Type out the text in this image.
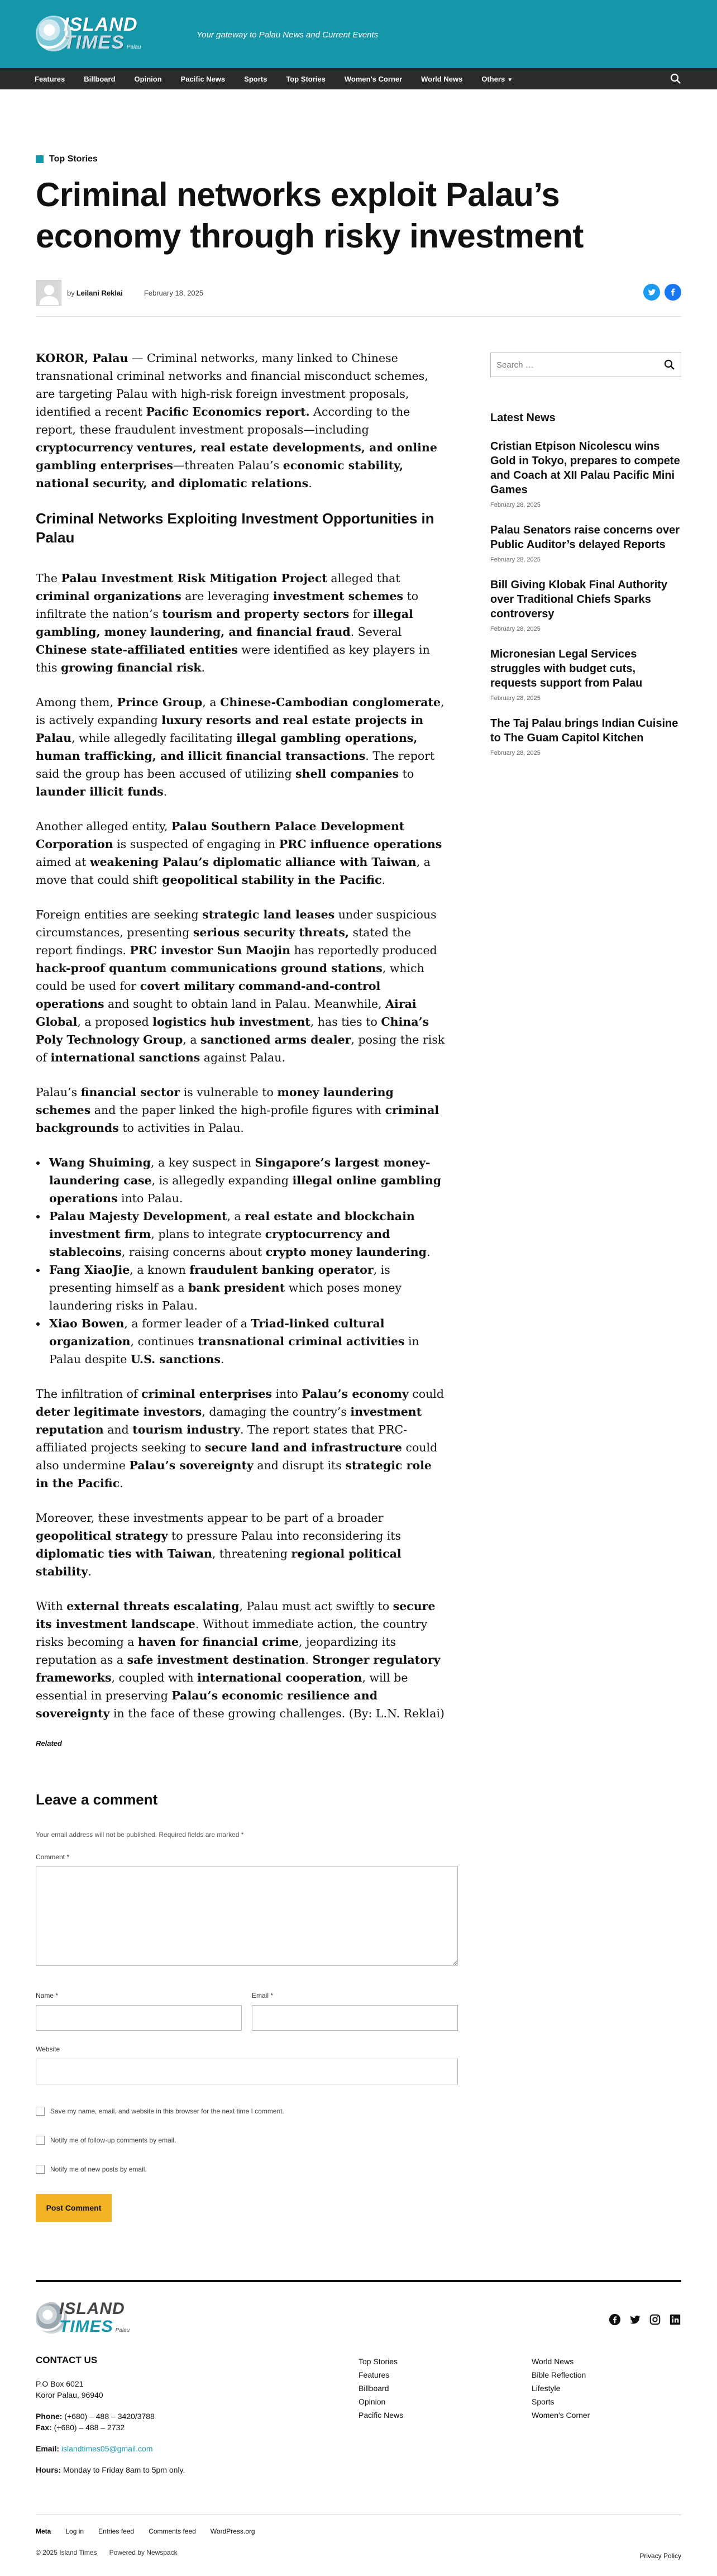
ISLAND
TIMES Palau
Your gateway to Palau News and Current Events
Features	Billboard	Opinion	Pacific News	Sports	Top Stories	Women's Corner	World News	Others ▼
Top Stories
Criminal networks exploit Palau’s economy through risky investment
by Leilani Reklai	February 18, 2025

KOROR, Palau — Criminal networks, many linked to Chinese transnational criminal networks and financial misconduct schemes, are targeting Palau with high-risk foreign investment proposals, identified a recent Pacific Economics report. According to the report, these fraudulent investment proposals—including cryptocurrency ventures, real estate developments, and online gambling enterprises—threaten Palau’s economic stability, national security, and diplomatic relations.

Criminal Networks Exploiting Investment Opportunities in Palau

The Palau Investment Risk Mitigation Project alleged that criminal organizations are leveraging investment schemes to infiltrate the nation’s tourism and property sectors for illegal gambling, money laundering, and financial fraud. Several Chinese state-affiliated entities were identified as key players in this growing financial risk.

Among them, Prince Group, a Chinese-Cambodian conglomerate, is actively expanding luxury resorts and real estate projects in Palau, while allegedly facilitating illegal gambling operations, human trafficking, and illicit financial transactions. The report said the group has been accused of utilizing shell companies to launder illicit funds.

Another alleged entity, Palau Southern Palace Development Corporation is suspected of engaging in PRC influence operations aimed at weakening Palau’s diplomatic alliance with Taiwan, a move that could shift geopolitical stability in the Pacific.

Foreign entities are seeking strategic land leases under suspicious circumstances, presenting serious security threats, stated the report findings. PRC investor Sun Maojin has reportedly produced hack-proof quantum communications ground stations, which could be used for covert military command-and-control operations and sought to obtain land in Palau. Meanwhile, Airai Global, a proposed logistics hub investment, has ties to China’s Poly Technology Group, a sanctioned arms dealer, posing the risk of international sanctions against Palau.

Palau’s financial sector is vulnerable to money laundering schemes and the paper linked the high-profile figures with criminal backgrounds to activities in Palau.

• Wang Shuiming, a key suspect in Singapore’s largest money-laundering case, is allegedly expanding illegal online gambling operations into Palau.
• Palau Majesty Development, a real estate and blockchain investment firm, plans to integrate cryptocurrency and stablecoins, raising concerns about crypto money laundering.
• Fang XiaoJie, a known fraudulent banking operator, is presenting himself as a bank president which poses money laundering risks in Palau.
• Xiao Bowen, a former leader of a Triad-linked cultural organization, continues transnational criminal activities in Palau despite U.S. sanctions.

The infiltration of criminal enterprises into Palau’s economy could deter legitimate investors, damaging the country’s investment reputation and tourism industry. The report states that PRC-affiliated projects seeking to secure land and infrastructure could also undermine Palau’s sovereignty and disrupt its strategic role in the Pacific.

Moreover, these investments appear to be part of a broader geopolitical strategy to pressure Palau into reconsidering its diplomatic ties with Taiwan, threatening regional political stability.

With external threats escalating, Palau must act swiftly to secure its investment landscape. Without immediate action, the country risks becoming a haven for financial crime, jeopardizing its reputation as a safe investment destination. Stronger regulatory frameworks, coupled with international cooperation, will be essential in preserving Palau’s economic resilience and sovereignty in the face of these growing challenges. (By: L.N. Reklai)

Related
Search …
Latest News
Cristian Etpison Nicolescu wins Gold in Tokyo, prepares to compete and Coach at XII Palau Pacific Mini Games
February 28, 2025
Palau Senators raise concerns over Public Auditor’s delayed Reports
February 28, 2025
Bill Giving Klobak Final Authority over Traditional Chiefs Sparks controversy
February 28, 2025
Micronesian Legal Services struggles with budget cuts, requests support from Palau
February 28, 2025
The Taj Palau brings Indian Cuisine to The Guam Capitol Kitchen
February 28, 2025
Leave a comment
Your email address will not be published. Required fields are marked *
Comment *
Name *	Email *
Website
Save my name, email, and website in this browser for the next time I comment.
Notify me of follow-up comments by email.
Notify me of new posts by email.
Post Comment
ISLAND
TIMES Palau
CONTACT US
P.O Box 6021
Koror Palau, 96940
Phone: (+680) – 488 – 3420/3788
Fax: (+680) – 488 – 2732
Email: islandtimes05@gmail.com
Hours: Monday to Friday 8am to 5pm only.
Top Stories
Features
Billboard
Opinion
Pacific News
World News
Bible Reflection
Lifestyle
Sports
Women's Corner
Meta Log in Entries feed Comments feed WordPress.org
© 2025 Island Times Powered by Newspack	Privacy Policy
